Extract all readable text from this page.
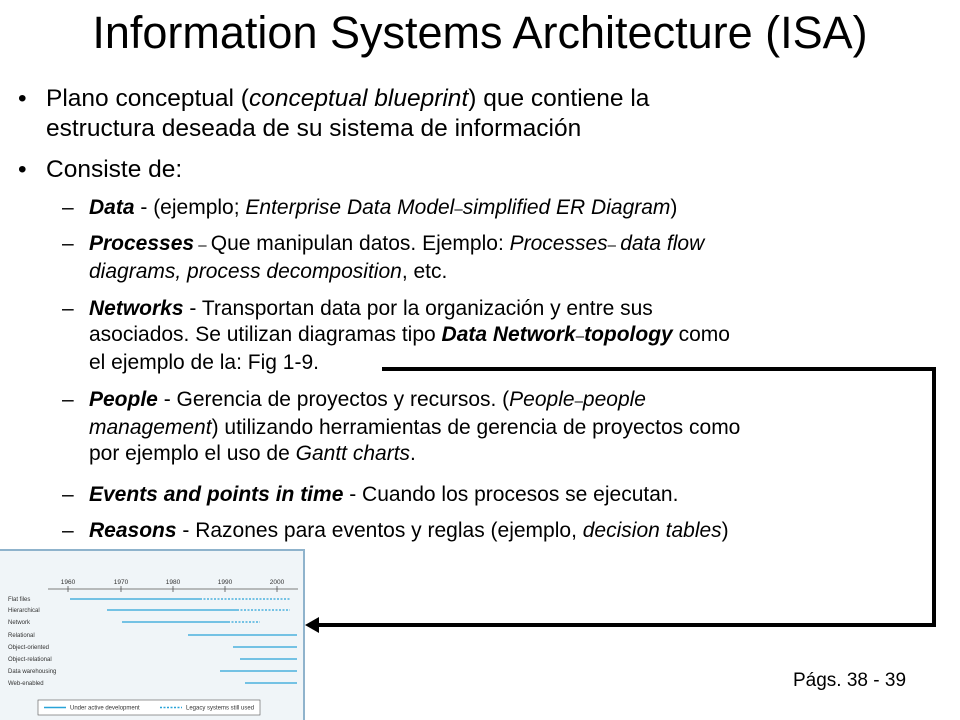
Information Systems Architecture (ISA)
• Plano conceptual (conceptual blueprint) que contiene la
estructura deseada de su sistema de información
• Consiste de:
– Data - (ejemplo; Enterprise Data Model–simplified ER Diagram)
– Processes – Que manipulan datos. Ejemplo: Processes– data flow
diagrams, process decomposition, etc.
– Networks - Transportan data por la organización y entre sus
asociados. Se utilizan diagramas tipo Data Network–topology como
el ejemplo de la: Fig 1-9.
– People - Gerencia de proyectos y recursos. (People–people
management) utilizando herramientas de gerencia de proyectos como
por ejemplo el uso de Gantt charts.
– Events and points in time - Cuando los procesos se ejecutan.
– Reasons - Razones para eventos y reglas (ejemplo, decision tables)
Págs. 38 - 39
1960	1970	1980	1990	2000
Flat files
Hierarchical
Network
Relational
Object-oriented
Object-relational
Data warehousing
Web-enabled
Under active development	Legacy systems still used
